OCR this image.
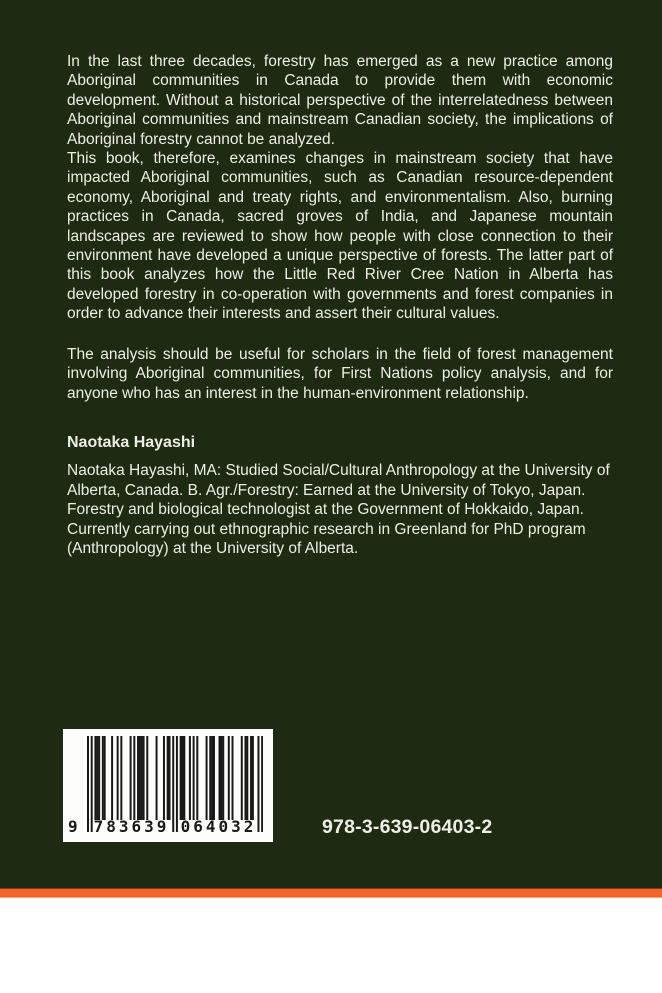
In the last three decades, forestry has emerged as a new practice among Aboriginal communities in Canada to provide them with economic development. Without a historical perspective of the interrelatedness between Aboriginal communities and mainstream Canadian society, the implications of Aboriginal forestry cannot be analyzed.

This book, therefore, examines changes in mainstream society that have impacted Aboriginal communities, such as Canadian resource-dependent economy, Aboriginal and treaty rights, and environmentalism. Also, burning practices in Canada, sacred groves of India, and Japanese mountain landscapes are reviewed to show how people with close connection to their environment have developed a unique perspective of forests. The latter part of this book analyzes how the Little Red River Cree Nation in Alberta has developed forestry in co-operation with governments and forest companies in order to advance their interests and assert their cultural values.

The analysis should be useful for scholars in the field of forest management involving Aboriginal communities, for First Nations policy analysis, and for anyone who has an interest in the human-environment relationship.

Naotaka Hayashi

Naotaka Hayashi, MA: Studied Social/Cultural Anthropology at the University of Alberta, Canada. B. Agr./Forestry: Earned at the University of Tokyo, Japan. Forestry and biological technologist at the Government of Hokkaido, Japan. Currently carrying out ethnographic research in Greenland for PhD program (Anthropology) at the University of Alberta.

9 783639 064032	978-3-639-06403-2
